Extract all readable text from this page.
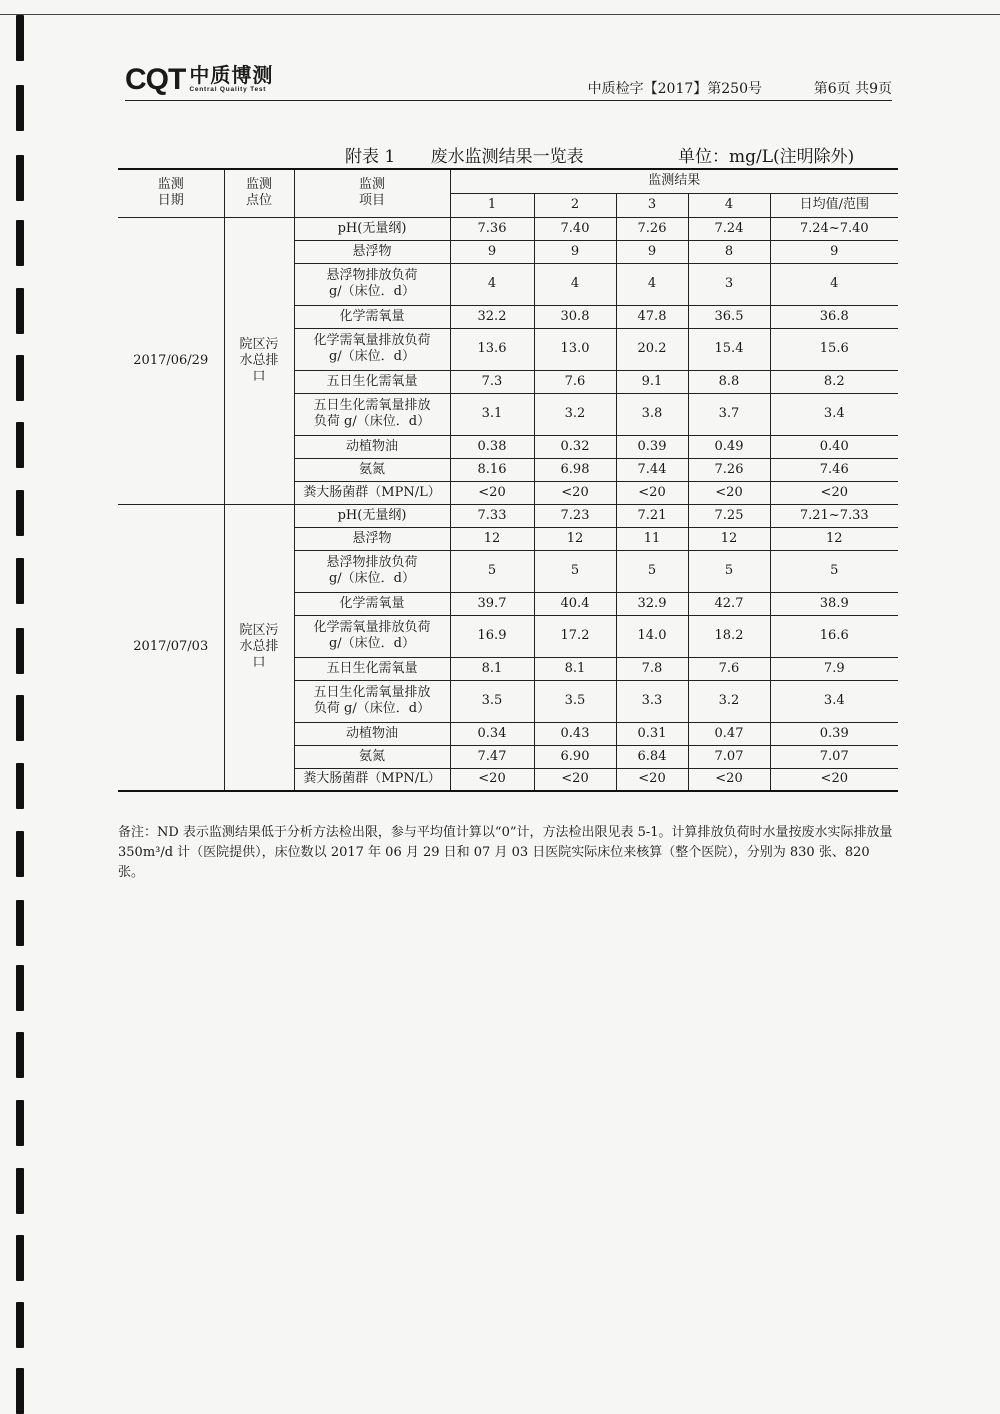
CQT 中质博测
Central Quality Test	中质检字【2017】第250号	第6页 共9页
附表 1 废水监测结果一览表	单位：mg/L(注明除外)
监测
日期	监测
点位	监测
项目	监测结果				
			1	2	3	4	日均值/范围
2017/06/29	院区污
水总排
口	pH(无量纲)	7.36	7.40	7.26	7.24	7.24~7.40
		悬浮物	9	9	9	8	9
		悬浮物排放负荷
g/（床位．d）	4	4	4	3	4
		化学需氧量	32.2	30.8	47.8	36.5	36.8
		化学需氧量排放负荷
g/（床位．d）	13.6	13.0	20.2	15.4	15.6
		五日生化需氧量	7.3	7.6	9.1	8.8	8.2
		五日生化需氧量排放
负荷 g/（床位．d）	3.1	3.2	3.8	3.7	3.4
		动植物油	0.38	0.32	0.39	0.49	0.40
		氨氮	8.16	6.98	7.44	7.26	7.46
		粪大肠菌群（MPN/L）	<20	<20	<20	<20	<20
2017/07/03	院区污
水总排
口	pH(无量纲)	7.33	7.23	7.21	7.25	7.21~7.33
		悬浮物	12	12	11	12	12
		悬浮物排放负荷
g/（床位．d）	5	5	5	5	5
		化学需氧量	39.7	40.4	32.9	42.7	38.9
		化学需氧量排放负荷
g/（床位．d）	16.9	17.2	14.0	18.2	16.6
		五日生化需氧量	8.1	8.1	7.8	7.6	7.9
		五日生化需氧量排放
负荷 g/（床位．d）	3.5	3.5	3.3	3.2	3.4
		动植物油	0.34	0.43	0.31	0.47	0.39
		氨氮	7.47	6.90	6.84	7.07	7.07
		粪大肠菌群（MPN/L）	<20	<20	<20	<20	<20
备注：ND 表示监测结果低于分析方法检出限，参与平均值计算以“0”计，方法检出限见表 5-1。计算排放负荷时水量按废水实际排放量 350m³/d 计（医院提供），床位数以 2017 年 06 月 29 日和 07 月 03 日医院实际床位来核算（整个医院），分别为 830 张、820 张。
